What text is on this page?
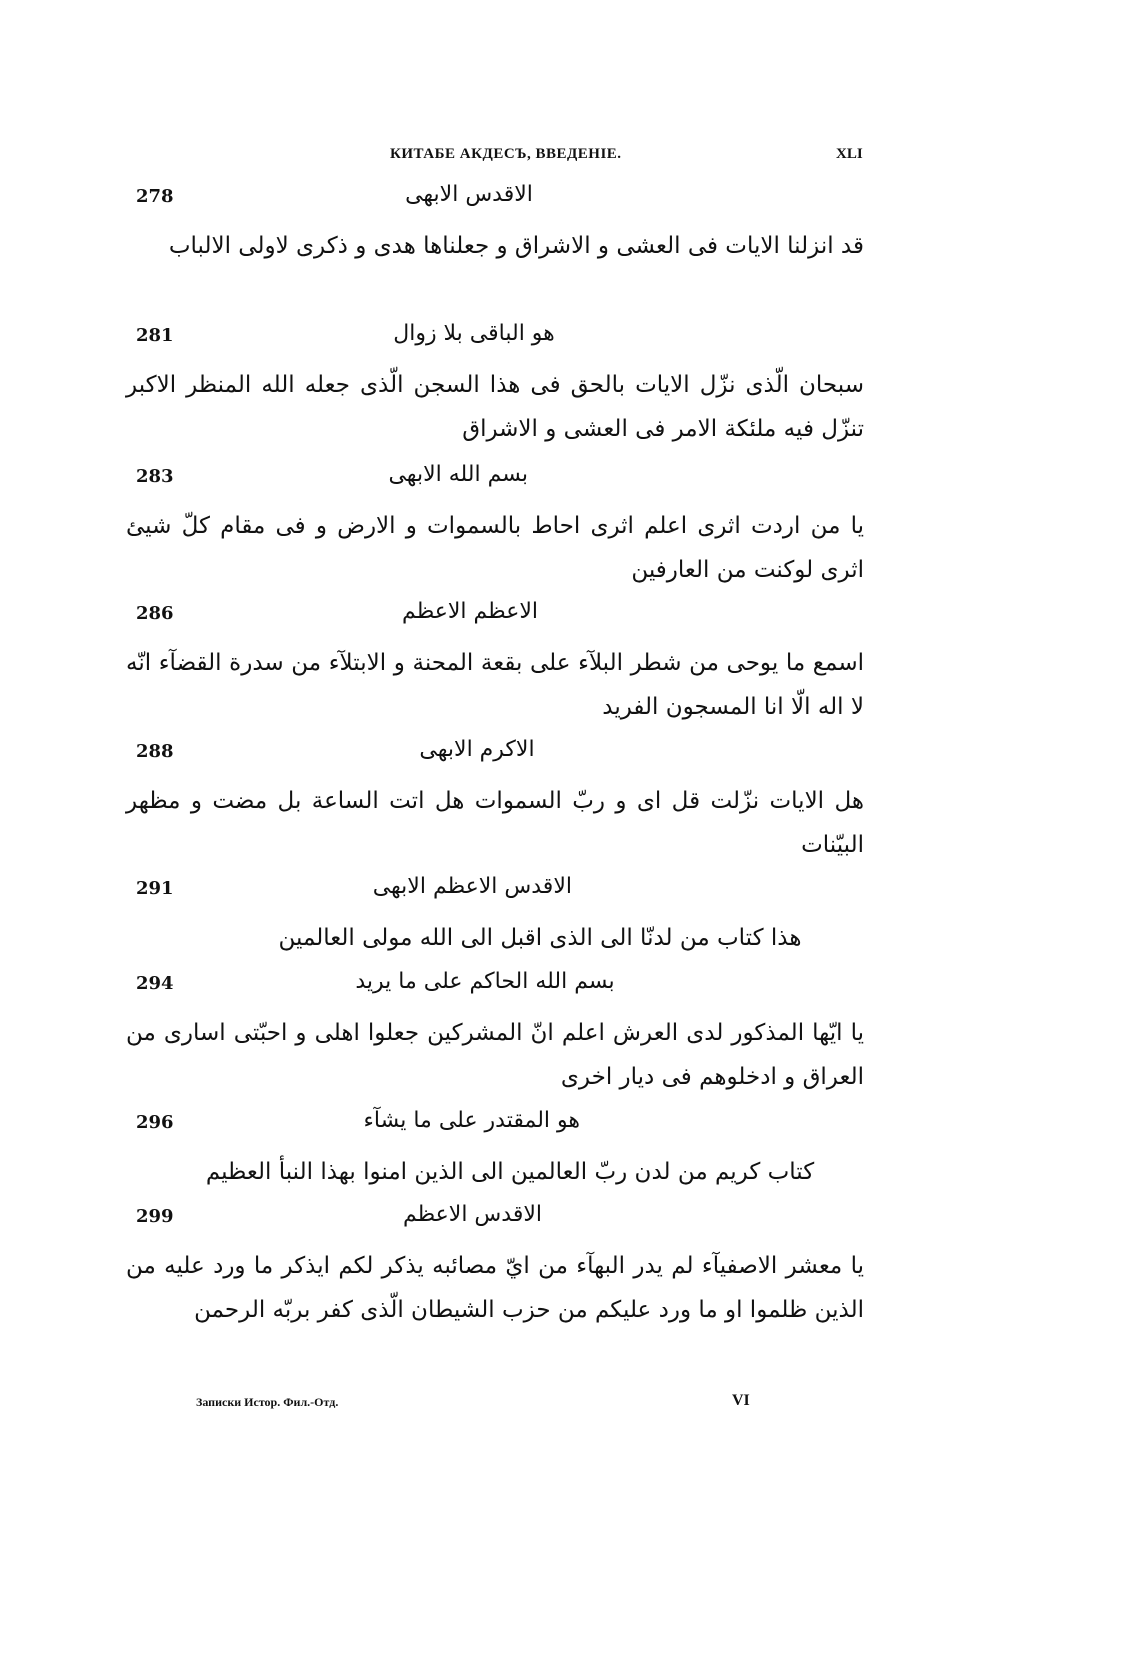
КИТАБЕ АКДЕСЪ, ВВЕДЕНІЕ.	XLI
278	الاقدس الابهى
قد انزلنا الايات فى العشى و الاشراق و جعلناها هدى و ذكرى لاولى الالباب
281	هو الباقى بلا زوال
سبحان الّذى نزّل الايات بالحق فى هذا السجن الّذى جعله الله المنظر الاكبر تنزّل فيه ملئكة الامر فى العشى و الاشراق
283	بسم الله الابهى
يا من اردت اثرى اعلم اثرى احاط بالسموات و الارض و فى مقام كلّ شيئ اثرى لوكنت من العارفين
286	الاعظم الاعظم
اسمع ما يوحى من شطر البلآء على بقعة المحنة و الابتلآء من سدرة القضآء انّه لا اله الّا انا المسجون الفريد
288	الاكرم الابهى
هل الايات نزّلت قل اى و ربّ السموات هل اتت الساعة بل مضت و مظهر البيّنات
291	الاقدس الاعظم الابهى
هذا كتاب من لدنّا الى الذى اقبل الى الله مولى العالمين
294	بسم الله الحاكم على ما يريد
يا ايّها المذكور لدى العرش اعلم انّ المشركين جعلوا اهلى و احبّتى اسارى من العراق و ادخلوهم فى ديار اخرى
296	هو المقتدر على ما يشآء
كتاب كريم من لدن ربّ العالمين الى الذين امنوا بهذا النبأ العظيم
299	الاقدس الاعظم
يا معشر الاصفيآء لم يدر البهآء من ايّ مصائبه يذكر لكم ايذكر ما ورد عليه من الذين ظلموا او ما ورد عليكم من حزب الشيطان الّذى كفر بربّه الرحمن
Записки Истор. Фил.-Отд.	VI
